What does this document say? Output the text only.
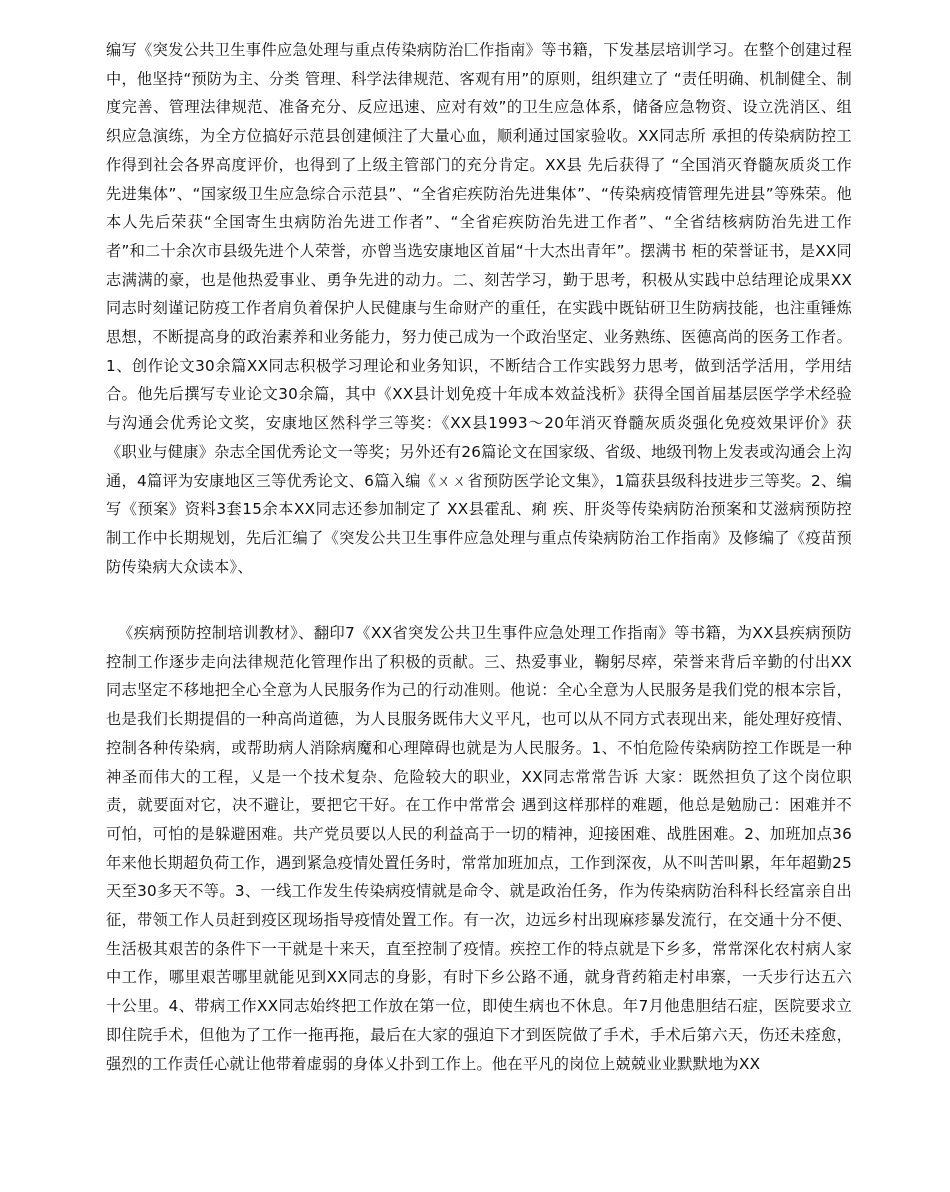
编写《突发公共卫生事件应急处理与重点传染病防治匚作指南》等书籍，下发基层培训学习。在整个创建过程中，他坚持“预防为主、分类 管理、科学法律规范、客观有用”的原则，组织建立了 “责任明确、机制健全、制度完善、管理法律规范、准备充分、反应迅速、应对有效”的卫生应急体系，储备应急物资、设立洗消区、组织应急演练，为全方位搞好示范县创建倾注了大量心血，顺利通过国家验收。XX同志所 承担的传染病防控工作得到社会各界高度评价，也得到了上级主管部门的充分肯定。XX县 先后获得了 “全国消灭脊髓灰质炎工作先进集体”、“国家级卫生应急综合示范县”、“全省疟疾防治先进集体”、“传染病疫情管理先进县”等殊荣。他本人先后荣获“全国寄生虫病防治先进工作者”、“全省疟疾防治先进工作者”、“全省结核病防治先进工作 者”和二十余次市县级先进个人荣誉，亦曾当选安康地区首届“十大杰出青年”。摆满书 柜的荣誉证书，是XX同志满满的豪，也是他热爱事业、勇争先进的动力。二、刻苦学习，勤于思考，积极从实践中总结理论成果XX同志时刻谨记防疫工作者肩负着保护人民健康与生命财产的重任，在实践中既钻研卫生防病技能，也注重锤炼思想，不断提高身的政治素养和业务能力，努力使己成为一个政治坚定、业务熟练、医德高尚的医务工作者。1、创作论文30余篇XX同志积极学习理论和业务知识，不断结合工作实践努力思考，做到活学活用，学用结合。他先后撰写专业论文30余篇，其中《XX县计划免疫十年成本效益浅析》获得全国首届基层医学学术经验与沟通会优秀论文奖，安康地区然科学三等奖：《XX县1993〜20年消灭脊髓灰质炎强化免疫效果评价》获《职业与健康》杂志全国优秀论文一等奖；另外还有26篇论文在国家级、省级、地级刊物上发表或沟通会上沟通，4篇评为安康地区三等优秀论文、6篇入编《ㄨㄨ省预防医学论文集》，1篇获县级科技进步三等奖。2、编写《预案》资料3套15余本XX同志还参加制定了 XX县霍乱、痢 疾、肝炎等传染病防治预案和艾滋病预防控制工作中长期规划，先后汇编了《突发公共卫生事件应急处理与重点传染病防治工作指南》及修编了《疫苗预防传染病大众读本》、

《疾病预防控制培训教材》、翻印7《XX省突发公共卫生事件应急处理工作指南》等书籍，为XX县疾病预防控制工作逐步走向法律规范化管理作出了积极的贡献。三、热爱事业，鞠躬尽瘁，荣誉来背后辛勤的付出XX同志坚定不移地把全心全意为人民服务作为己的行动准则。他说：全心全意为人民服务是我们党的根本宗旨，也是我们长期提倡的一种高尚道德，为人艮服务既伟大义平凡，也可以从不同方式表现出来，能处理好疫情、控制各种传染病，或帮助病人消除病魔和心理障碍也就是为人民服务。1、不怕危险传染病防控工作既是一种神圣而伟大的工程，乂是一个技术复杂、危险较大的职业，XX同志常常告诉 大家：既然担负了这个岗位职责，就要面对它，决不避让，要把它干好。在工作中常常会 遇到这样那样的难题，他总是勉励己：困难并不可怕，可怕的是躲避困难。共产党员要以人民的利益高于一切的精神，迎接困难、战胜困难。2、加班加点36年来他长期超负荷工作，遇到紧急疫情处置任务时，常常加班加点，工作到深夜，从不叫苦叫累，年年超勤25天至30多天不等。3、一线工作发生传染病疫情就是命令、就是政治任务，作为传染病防治科科长经富亲自出征，带领工作人员赶到疫区现场指导疫情处置工作。有一次，边远乡村出现麻疹暴发流行，在交通十分不便、生活极其艰苦的条件下一干就是十来天，直至控制了疫情。疾控工作的特点就是下乡多，常常深化农村病人家中工作，哪里艰苦哪里就能见到XX同志的身影，有时下乡公路不通，就身背药箱走村串寨，一夭步行达五六十公里。4、带病工作XX同志始终把工作放在第一位，即使生病也不休息。年7月他患胆结石症，医院要求立即住院手术，但他为了工作一拖再拖，最后在大家的强迫下才到医院做了手术，手术后第六天，伤还未痊愈，强烈的工作责任心就让他带着虚弱的身体乂扑到工作上。他在平凡的岗位上兢兢业业默默地为XX
